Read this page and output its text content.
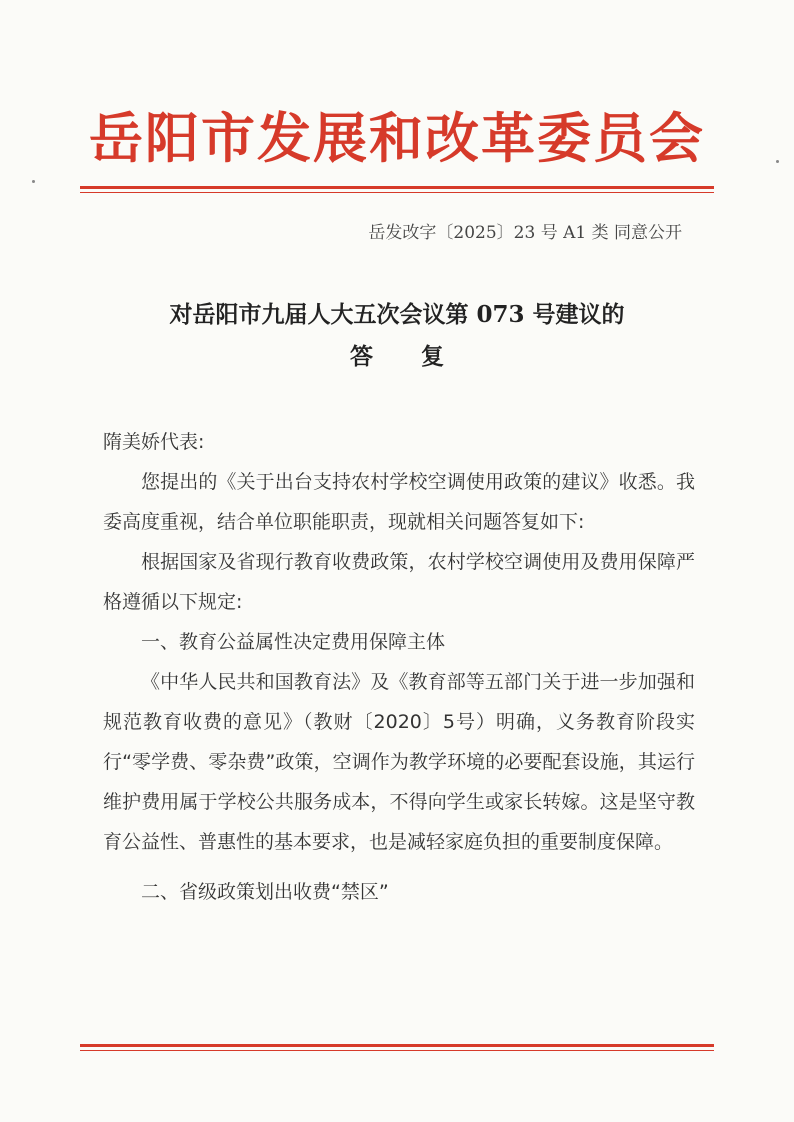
岳阳市发展和改革委员会
岳发改字〔2025〕23 号 A1 类 同意公开
对岳阳市九届人大五次会议第 073 号建议的
答 复

隋美娇代表:

您提出的《关于出台支持农村学校空调使用政策的建议》收悉。我委高度重视，结合单位职能职责，现就相关问题答复如下:

根据国家及省现行教育收费政策，农村学校空调使用及费用保障严格遵循以下规定:

一、教育公益属性决定费用保障主体

《中华人民共和国教育法》及《教育部等五部门关于进一步加强和规范教育收费的意见》（教财〔2020〕5号）明确，义务教育阶段实行“零学费、零杂费”政策，空调作为教学环境的必要配套设施，其运行维护费用属于学校公共服务成本，不得向学生或家长转嫁。这是坚守教育公益性、普惠性的基本要求，也是减轻家庭负担的重要制度保障。

二、省级政策划出收费“禁区”
